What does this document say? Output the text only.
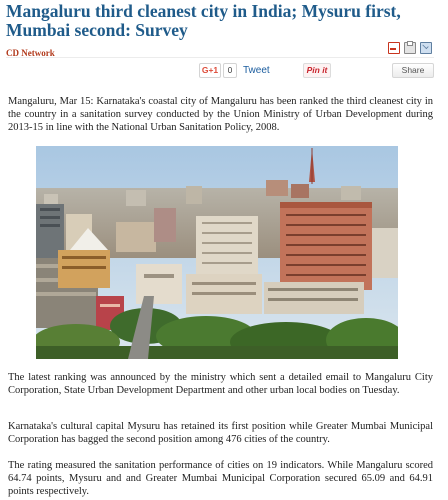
Mangaluru third cleanest city in India; Mysuru first, Mumbai second: Survey
CD Network
G+1	0	Tweet	Pin it	Share

Mangaluru, Mar 15: Karnataka's coastal city of Mangaluru has been ranked the third cleanest city in the country in a sanitation survey conducted by the Union Ministry of Urban Development during 2013-15 in line with the National Urban Sanitation Policy, 2008.

The latest ranking was announced by the ministry which sent a detailed email to Mangaluru City Corporation, State Urban Development Department and other urban local bodies on Tuesday.

Karnataka's cultural capital Mysuru has retained its first position while Greater Mumbai Municipal Corporation has bagged the second position among 476 cities of the country.

The rating measured the sanitation performance of cities on 19 indicators. While Mangaluru scored 64.74 points, Mysuru and and Greater Mumbai Municipal Corporation secured 65.09 and 64.91 points respectively.
